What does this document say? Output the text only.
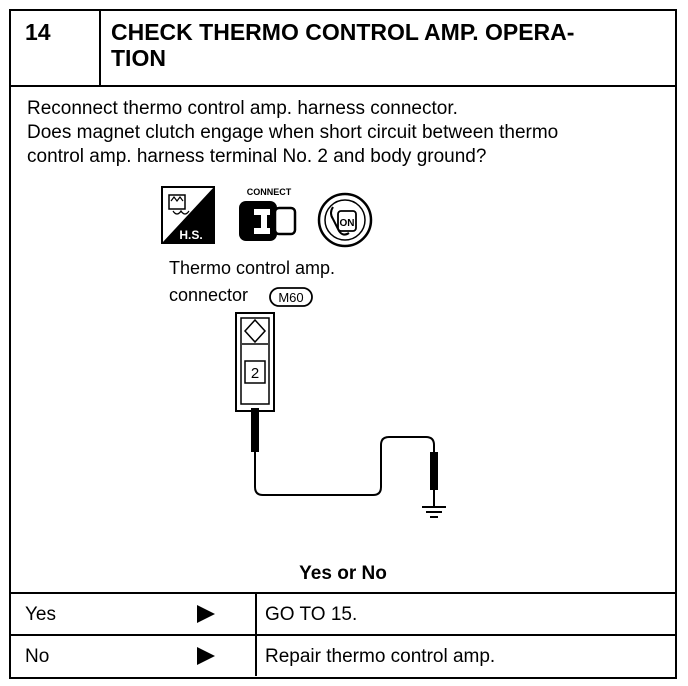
14	CHECK THERMO CONTROL AMP. OPERA-
TION
Reconnect thermo control amp. harness connector.
Does magnet clutch engage when short circuit between thermo
control amp. harness terminal No. 2 and body ground?
H.S.
CONNECT
ON
Thermo control amp.
connector M60
2
Yes or No
Yes	GO TO 15.
No	Repair thermo control amp.
